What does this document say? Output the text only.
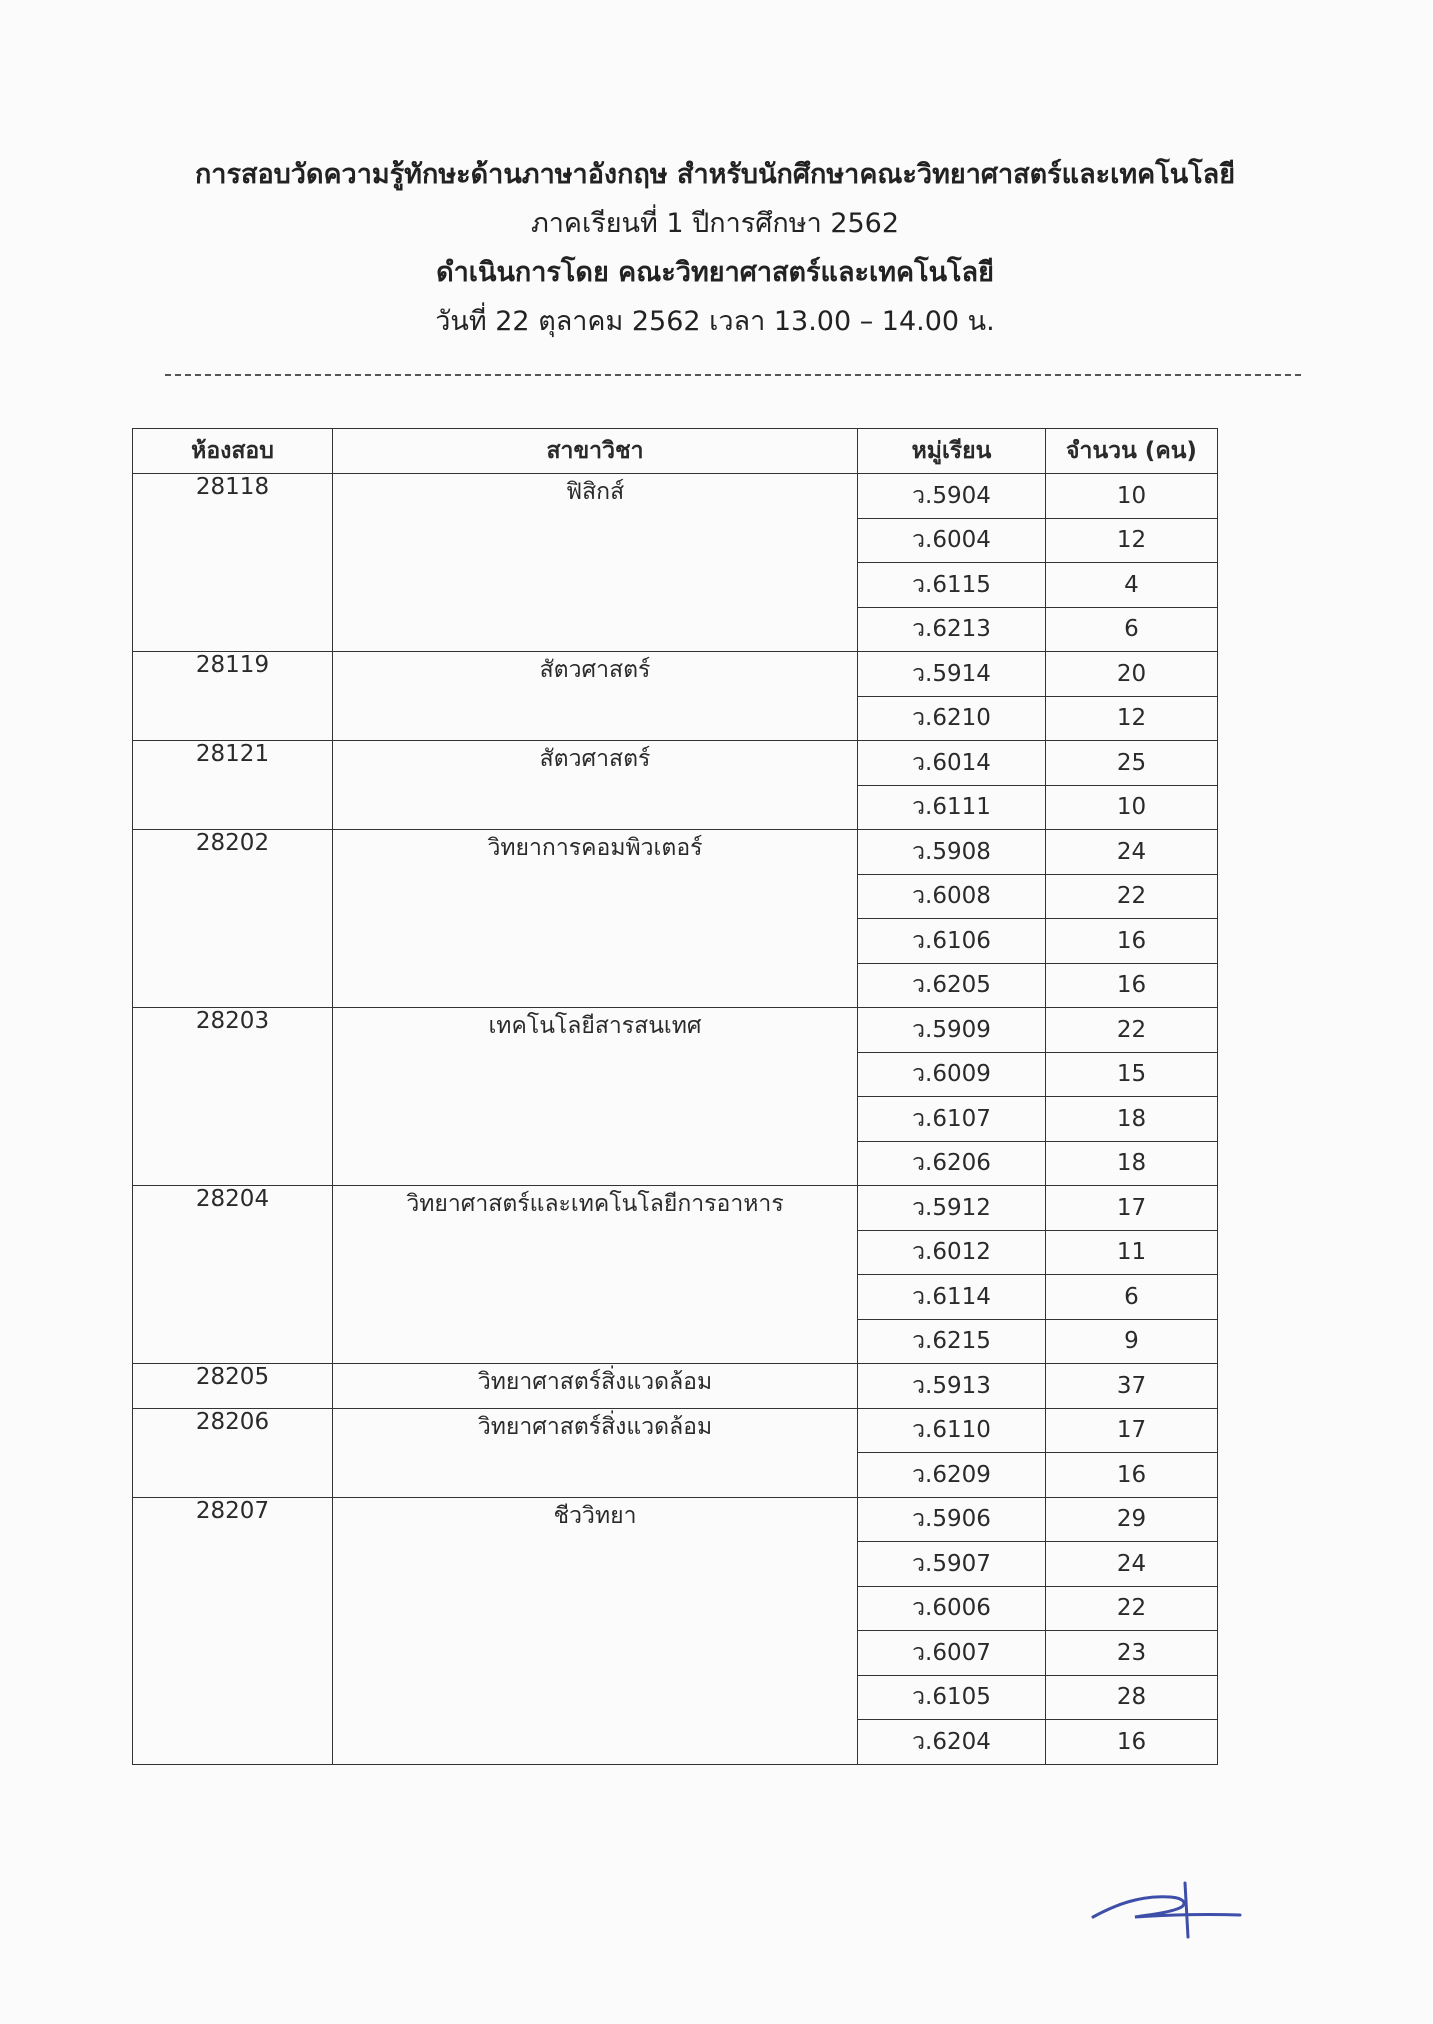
การสอบวัดความรู้ทักษะด้านภาษาอังกฤษ สำหรับนักศึกษาคณะวิทยาศาสตร์และเทคโนโลยี
ภาคเรียนที่ 1 ปีการศึกษา 2562
ดำเนินการโดย คณะวิทยาศาสตร์และเทคโนโลยี
วันที่ 22 ตุลาคม 2562 เวลา 13.00 – 14.00 น.
ห้องสอบ	สาขาวิชา	หมู่เรียน	จำนวน (คน)
28118	ฟิสิกส์	ว.5904	10
		ว.6004	12
		ว.6115	4
		ว.6213	6
28119	สัตวศาสตร์	ว.5914	20
		ว.6210	12
28121	สัตวศาสตร์	ว.6014	25
		ว.6111	10
28202	วิทยาการคอมพิวเตอร์	ว.5908	24
		ว.6008	22
		ว.6106	16
		ว.6205	16
28203	เทคโนโลยีสารสนเทศ	ว.5909	22
		ว.6009	15
		ว.6107	18
		ว.6206	18
28204	วิทยาศาสตร์และเทคโนโลยีการอาหาร	ว.5912	17
		ว.6012	11
		ว.6114	6
		ว.6215	9
28205	วิทยาศาสตร์สิ่งแวดล้อม	ว.5913	37
28206	วิทยาศาสตร์สิ่งแวดล้อม	ว.6110	17
		ว.6209	16
28207	ชีววิทยา	ว.5906	29
		ว.5907	24
		ว.6006	22
		ว.6007	23
		ว.6105	28
		ว.6204	16
